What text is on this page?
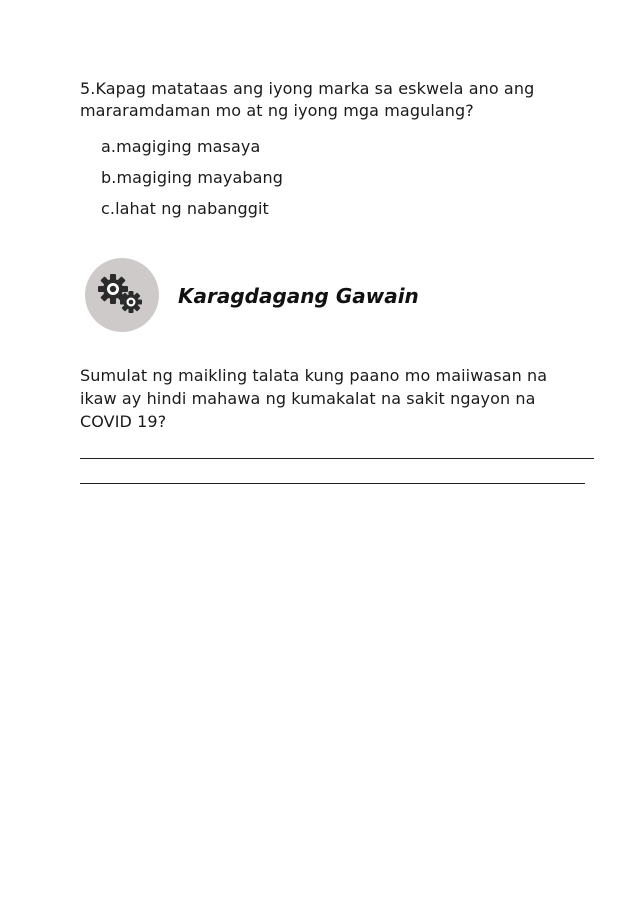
5.Kapag matataas ang iyong marka sa eskwela ano ang
mararamdaman mo at ng iyong mga magulang?
a.magiging masaya
b.magiging mayabang
c.lahat ng nabanggit
Karagdagang Gawain
Sumulat ng maikling talata kung paano mo maiiwasan na
ikaw ay hindi mahawa ng kumakalat na sakit ngayon na
COVID 19?
